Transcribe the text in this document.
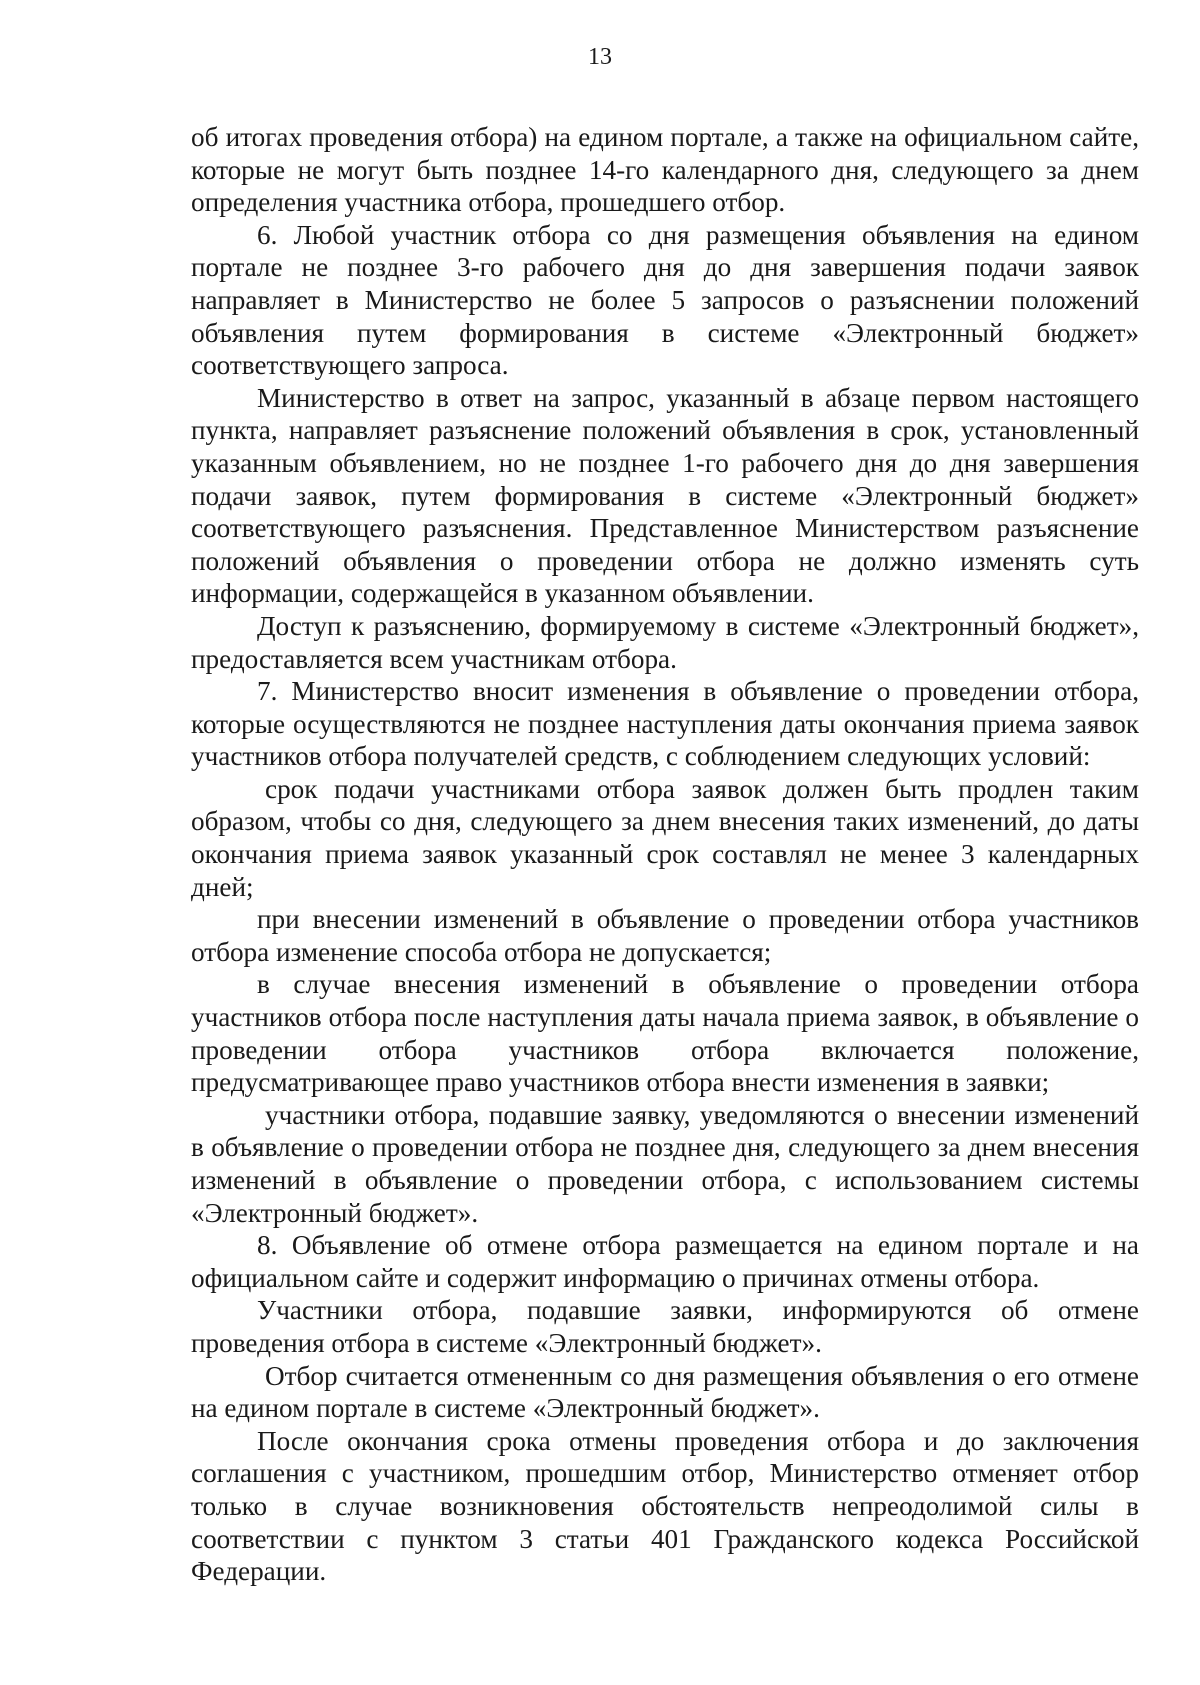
13

об итогах проведения отбора) на едином портале, а также на официальном сайте, которые не могут быть позднее 14-го календарного дня, следующего за днем определения участника отбора, прошедшего отбор.

6. Любой участник отбора со дня размещения объявления на едином портале не позднее 3-го рабочего дня до дня завершения подачи заявок направляет в Министерство не более 5 запросов о разъяснении положений объявления путем формирования в системе «Электронный бюджет» соответствующего запроса.

Министерство в ответ на запрос, указанный в абзаце первом настоящего пункта, направляет разъяснение положений объявления в срок, установленный указанным объявлением, но не позднее 1-го рабочего дня до дня завершения подачи заявок, путем формирования в системе «Электронный бюджет» соответствующего разъяснения. Представленное Министерством разъяснение положений объявления о проведении отбора не должно изменять суть информации, содержащейся в указанном объявлении.

Доступ к разъяснению, формируемому в системе «Электронный бюджет», предоставляется всем участникам отбора.

7. Министерство вносит изменения в объявление о проведении отбора, которые осуществляются не позднее наступления даты окончания приема заявок участников отбора получателей средств, с соблюдением следующих условий:

срок подачи участниками отбора заявок должен быть продлен таким образом, чтобы со дня, следующего за днем внесения таких изменений, до даты окончания приема заявок указанный срок составлял не менее 3 календарных дней;

при внесении изменений в объявление о проведении отбора участников отбора изменение способа отбора не допускается;

в случае внесения изменений в объявление о проведении отбора участников отбора после наступления даты начала приема заявок, в объявление о проведении отбора участников отбора включается положение, предусматривающее право участников отбора внести изменения в заявки;

участники отбора, подавшие заявку, уведомляются о внесении изменений в объявление о проведении отбора не позднее дня, следующего за днем внесения изменений в объявление о проведении отбора, с использованием системы «Электронный бюджет».

8. Объявление об отмене отбора размещается на едином портале и на официальном сайте и содержит информацию о причинах отмены отбора.

Участники отбора, подавшие заявки, информируются об отмене проведения отбора в системе «Электронный бюджет».

Отбор считается отмененным со дня размещения объявления о его отмене на едином портале в системе «Электронный бюджет».

После окончания срока отмены проведения отбора и до заключения соглашения с участником, прошедшим отбор, Министерство отменяет отбор только в случае возникновения обстоятельств непреодолимой силы в соответствии с пунктом 3 статьи 401 Гражданского кодекса Российской Федерации.
